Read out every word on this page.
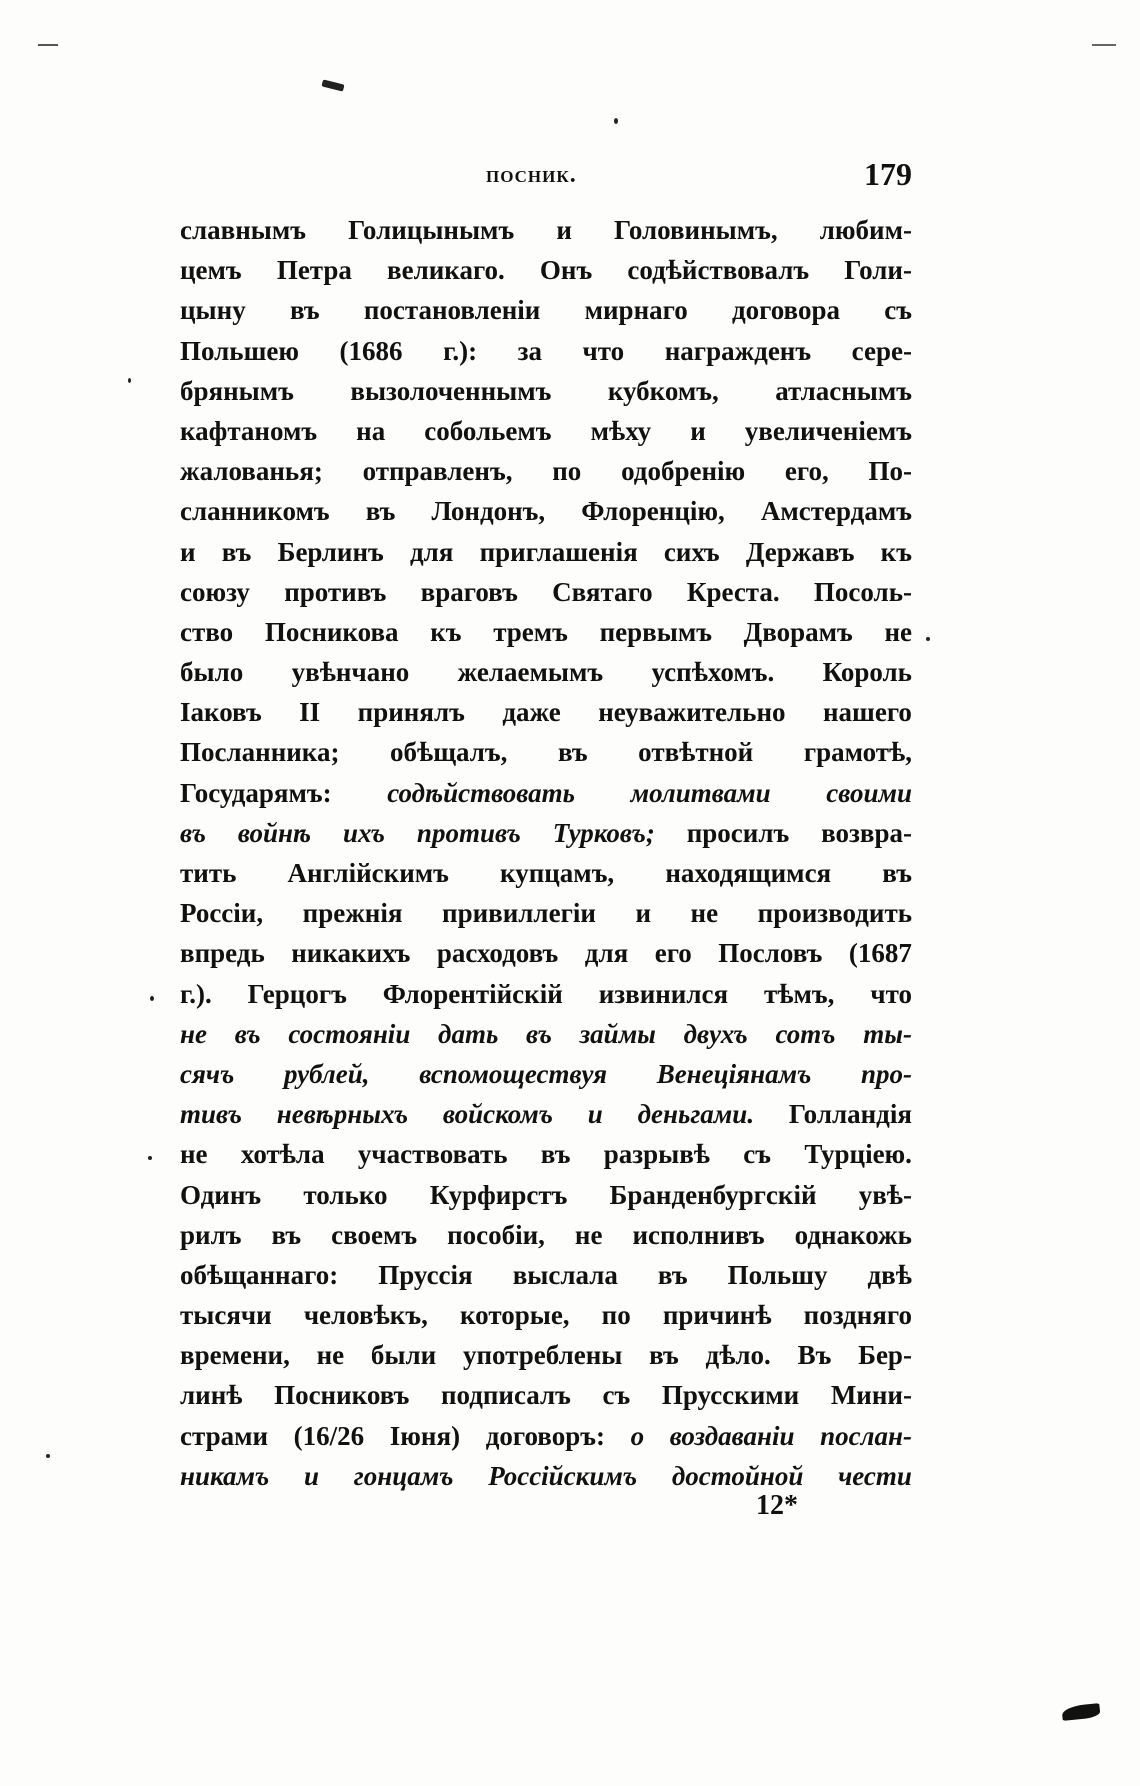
посник.	179
славнымъ Голицынымъ и Головинымъ, любим-
цемъ Петра великаго. Онъ содѣйствовалъ Голи-
цыну въ постановленіи мирнаго договора съ
Польшею (1686 г.): за что награжденъ сере-
брянымъ вызолоченнымъ кубкомъ, атласнымъ
кафтаномъ на собольемъ мѣху и увеличеніемъ
жалованья; отправленъ, по одобренію его, По-
сланникомъ въ Лондонъ, Флоренцію, Амстердамъ
и въ Берлинъ для приглашенія сихъ Державъ къ
союзу противъ враговъ Святаго Креста. Посоль-
ство Посникова къ тремъ первымъ Дворамъ не
было увѣнчано желаемымъ успѣхомъ. Король
Іаковъ II принялъ даже неуважительно нашего
Посланника; обѣщалъ, въ отвѣтной грамотѣ,
Государямъ: содѣйствовать молитвами своими
въ войнѣ ихъ противъ Турковъ; просилъ возвра-
тить Англійскимъ купцамъ, находящимся въ
Россіи, прежнія привиллегіи и не производить
впредь никакихъ расходовъ для его Пословъ (1687
г.). Герцогъ Флорентійскій извинился тѣмъ, что
не въ состояніи дать въ займы двухъ сотъ ты-
сячъ рублей, вспомоществуя Венеціянамъ про-
тивъ невѣрныхъ войскомъ и деньгами. Голландія
не хотѣла участвовать въ разрывѣ съ Турціею.
Одинъ только Курфирстъ Бранденбургскій увѣ-
рилъ въ своемъ пособіи, не исполнивъ однакожь
обѣщаннаго: Пруссія выслала въ Польшу двѣ
тысячи человѣкъ, которые, по причинѣ поздняго
времени, не были употреблены въ дѣло. Въ Бер-
линѣ Посниковъ подписалъ съ Прусскими Мини-
страми (16/26 Іюня) договоръ: о воздаваніи послан-
никамъ и гонцамъ Россійскимъ достойной чести
12*
